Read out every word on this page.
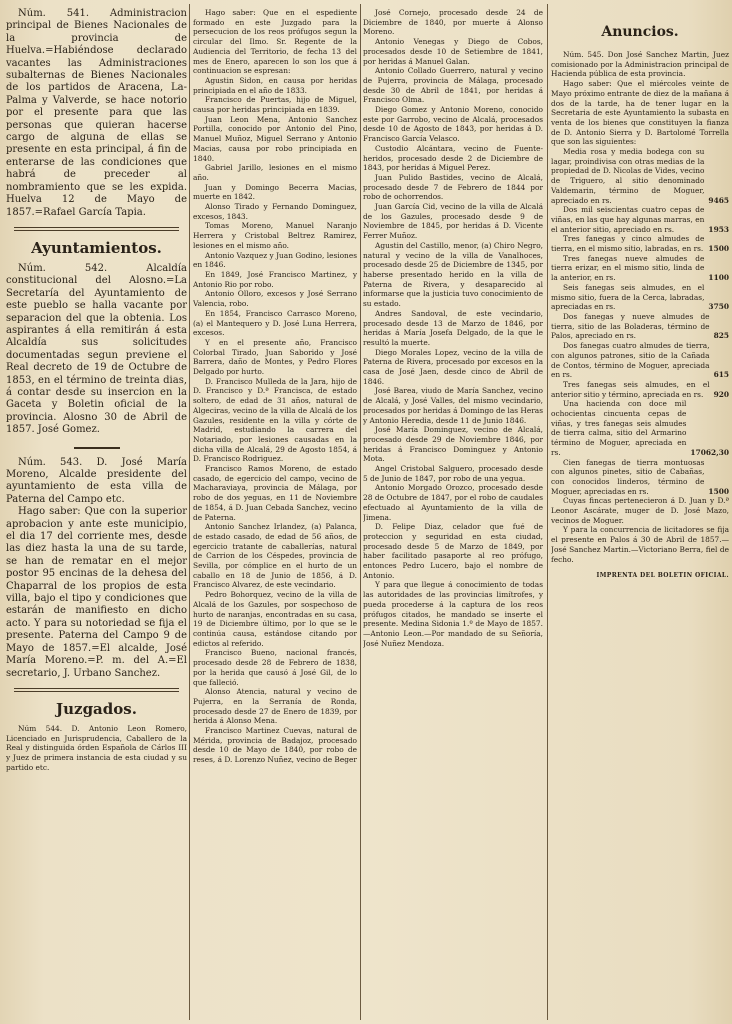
Núm. 541. Administracion principal de Bienes Nacionales de la provincia de Huelva.=Habiéndose declarado vacantes las Administraciones subalternas de Bienes Nacionales de los partidos de Aracena, La-Palma y Valverde, se hace notorio por el presente para que las personas que quieran hacerse cargo de alguna de ellas se presente en esta principal, á fin de enterarse de las condiciones que habrá de preceder al nombramiento que se les expida. Huelva 12 de Mayo de 1857.=Rafael García Tapia.

Ayuntamientos.

Núm. 542. Alcaldía constitucional del Alosno.=La Secretaría del Ayuntamiento de este pueblo se halla vacante por separacion del que la obtenia. Los aspirantes á ella remitirán á esta Alcaldía sus solicitudes documentadas segun previene el Real decreto de 19 de Octubre de 1853, en el término de treinta dias, á contar desde su insercion en la Gaceta y Boletin oficial de la provincia. Alosno 30 de Abril de 1857. José Gomez.

Núm. 543. D. José María Moreno, Alcalde presidente del ayuntamiento de esta villa de Paterna del Campo etc.

Hago saber: Que con la superior aprobacion y ante este municipio, el dia 17 del corriente mes, desde las diez hasta la una de su tarde, se han de rematar en el mejor postor 95 encinas de la dehesa del Chaparral de los propios de esta villa, bajo el tipo y condiciones que estarán de manifiesto en dicho acto. Y para su notoriedad se fija el presente. Paterna del Campo 9 de Mayo de 1857.=El alcalde, José María Moreno.=P. m. del A.=El secretario, J. Urbano Sanchez.

Juzgados.

Núm 544. D. Antonio Leon Romero, Licenciado en Jurisprudencia, Caballero de la Real y distinguida órden Española de Cárlos III y Juez de primera instancia de esta ciudad y su partido etc.

Hago saber: Que en el espediente formado en este Juzgado para la persecucion de los reos prófugos segun la circular del Ilmo. Sr. Regente de la Audiencia del Territorio, de fecha 13 del mes de Enero, aparecen lo son los que á continuacion se espresan:

Agustin Sidon, en causa por heridas principiada en el año de 1833.

Francisco de Puertas, hijo de Miguel, causa por heridas principiada en 1839.

Juan Leon Mena, Antonio Sanchez Portilla, conocido por Antonio del Pino, Manuel Muñoz, Miguel Serrano y Antonio Macias, causa por robo principiada en 1840.

Gabriel Jarillo, lesiones en el mismo año.

Juan y Domingo Becerra Macias, muerte en 1842.

Alonso Tirado y Fernando Dominguez, excesos, 1843.

Tomas Moreno, Manuel Naranjo Herrera y Cristobal Beltrez Ramirez, lesiones en el mismo año.

Antonio Vazquez y Juan Godino, lesiones en 1846.

En 1849, José Francisco Martinez, y Antonio Rio por robo.

Antonio Olloro, excesos y José Serrano Valencia, robo.

En 1854, Francisco Carrasco Moreno, (a) el Mantequero y D. José Luna Herrera, excesos.

Y en el presente año, Francisco Colorbal Tirado, Juan Saborido y José Barrera, daño de Montes, y Pedro Flores Delgado por hurto.

D. Francisco Mulleda de la Jara, hijo de D. Francisco y D.ª Francisca, de estado soltero, de edad de 31 años, natural de Algeciras, vecino de la villa de Alcalá de los Gazules, residente en la villa y córte de Madrid, estudiando la carrera del Notariado, por lesiones causadas en la dicha villa de Alcalá, 29 de Agosto 1854, á D. Francisco Rodriguez.

Francisco Ramos Moreno, de estado casado, de egercicio del campo, vecino de Macharaviaya, provincia de Málaga, por robo de dos yeguas, en 11 de Noviembre de 1854, á D. Juan Cebada Sanchez, vecino de Paterna.

Antonio Sanchez Irlandez, (a) Palanca, de estado casado, de edad de 56 años, de egercicio tratante de caballerías, natural de Carrion de los Céspedes, provincia de Sevilla, por cómplice en el hurto de un caballo en 18 de Junio de 1856, á D. Francisco Alvarez, de este vecindario.

Pedro Bohorquez, vecino de la villa de Alcalá de los Gazules, por sospechoso de hurto de naranjas, encontradas en su casa, 19 de Diciembre último, por lo que se le continúa causa, estándose citando por edictos al referido.

Francisco Bueno, nacional francés, procesado desde 28 de Febrero de 1838, por la herida que causó á José Gil, de lo que falleció.

Alonso Atencia, natural y vecino de Pujerra, en la Serranía de Ronda, procesado desde 27 de Enero de 1839, por herida á Alonso Mena.

Francisco Martinez Cuevas, natural de Mérida, provincia de Badajoz, procesado desde 10 de Mayo de 1840, por robo de reses, á D. Lorenzo Nuñez, vecino de Beger

José Cornejo, procesado desde 24 de Diciembre de 1840, por muerte á Alonso Moreno.

Antonio Venegas y Diego de Cobos, procesados desde 10 de Setiembre de 1841, por heridas á Manuel Galan.

Antonio Collado Guerrero, natural y vecino de Pujerra, provincia de Málaga, procesado desde 30 de Abril de 1841, por heridas á Francisco Olma.

Diego Gomez y Antonio Moreno, conocido este por Garrobo, vecino de Alcalá, procesados desde 10 de Agosto de 1843, por heridas á D. Francisco García Velasco.

Custodio Alcántara, vecino de Fuente-heridos, procesado desde 2 de Diciembre de 1843, por heridas á Miguel Perez.

Juan Pulido Bastides, vecino de Alcalá, procesado desde 7 de Febrero de 1844 por robo de ochorrendos.

Juan García Cid, vecino de la villa de Alcalá de los Gazules, procesado desde 9 de Noviembre de 1845, por heridas á D. Vicente Ferrer Muñoz.

Agustin del Castillo, menor, (a) Chiro Negro, natural y vecino de la villa de Vanalhoces, procesado desde 25 de Diciembre de 1345, por haberse presentado herido en la villa de Paterna de Rivera, y desaparecido al informarse que la justicia tuvo conocimiento de su estado.

Andres Sandoval, de este vecindario, procesado desde 13 de Marzo de 1846, por heridas á María Josefa Delgado, de la que le resultó la muerte.

Diego Morales Lopez, vecino de la villa de Paterna de Rivera, procesado por excesos en la casa de José Jaen, desde cinco de Abril de 1846.

José Barea, viudo de María Sanchez, vecino de Alcalá, y José Valles, del mismo vecindario, procesados por heridas á Domingo de las Heras y Antonio Heredia, desde 11 de Junio 1846.

José María Dominguez, vecino de Alcalá, procesado desde 29 de Noviembre 1846, por heridas á Francisco Dominguez y Antonio Mota.

Angel Cristobal Salguero, procesado desde 5 de Junio de 1847, por robo de una yegua.

Antonio Morgado Orozco, procesado desde 28 de Octubre de 1847, por el robo de caudales efectuado al Ayuntamiento de la villa de Jimena.

D. Felipe Diaz, celador que fué de proteccion y seguridad en esta ciudad, procesado desde 5 de Marzo de 1849, por haber facilitado pasaporte al reo prófugo, entonces Pedro Lucero, bajo el nombre de Antonio.

Y para que llegue á conocimiento de todas las autoridades de las provincias limítrofes, y pueda procederse á la captura de los reos prófugos citados, he mandado se inserte el presente. Medina Sidonia 1.º de Mayo de 1857.—Antonio Leon.—Por mandado de su Señoría, José Nuñez Mendoza.

Anuncios.

Núm. 545. Don José Sanchez Martin, Juez comisionado por la Administracion principal de Hacienda pública de esta provincia.

Hago saber: Que el miércoles veinte de Mayo próximo entrante de diez de la mañana á dos de la tarde, ha de tener lugar en la Secretaria de este Ayuntamiento la subasta en venta de los bienes que constituyen la fianza de D. Antonio Sierra y D. Bartolomé Torrella que son las siguientes:

Media rosa y media bodega con su lagar, proindivisa con otras medias de la propiedad de D. Nicolas de Vides, vecino de Triguero, al sitio denominado Valdemarin, término de Moguer, apreciado en rs.	9465

Dos mil seiscientas cuatro cepas de viñas, en las que hay algunas marras, en el anterior sitio, apreciado en rs.	1953

Tres fanegas y cinco almudes de tierra, en el mismo sitio, labradas, en rs. 1500

Tres fanegas nueve almudes de tierra erizar, en el mismo sitio, linda de la anterior, en rs.	1100

Seis fanegas seis almudes, en el mismo sitio, fuera de la Cerca, labradas, apreciadas en rs.	3750

Dos fanegas y nueve almudes de tierra, sitio de las Boladeras, término de Palos, apreciado en rs.	825

Dos fanegas cuatro almudes de tierra, con algunos patrones, sitio de la Cañada de Contos, término de Moguer, apreciada en rs.	615

Tres fanegas seis almudes, en el anterior sitio y término, apreciada en rs.	920

Una hacienda con doce mil ochocientas cincuenta cepas de viñas, y tres fanegas seis almudes de tierra calma, sitio del Armarino término de Moguer, apreciada en rs.	17062,30

Cien fanegas de tierra montuosas con algunos pinetes, sitio de Cabañas, con conocidos linderos, término de Moguer, apreciadas en rs.	1500

Cuyas fincas pertenecieron á D. Juan y D.ª Leonor Ascárate, muger de D. José Mazo, vecinos de Moguer.

Y para la concurrencia de licitadores se fija el presente en Palos á 30 de Abril de 1857.—José Sanchez Martin.—Victoriano Berra, fiel de fecho.

IMPRENTA DEL BOLETIN OFICIAL.
